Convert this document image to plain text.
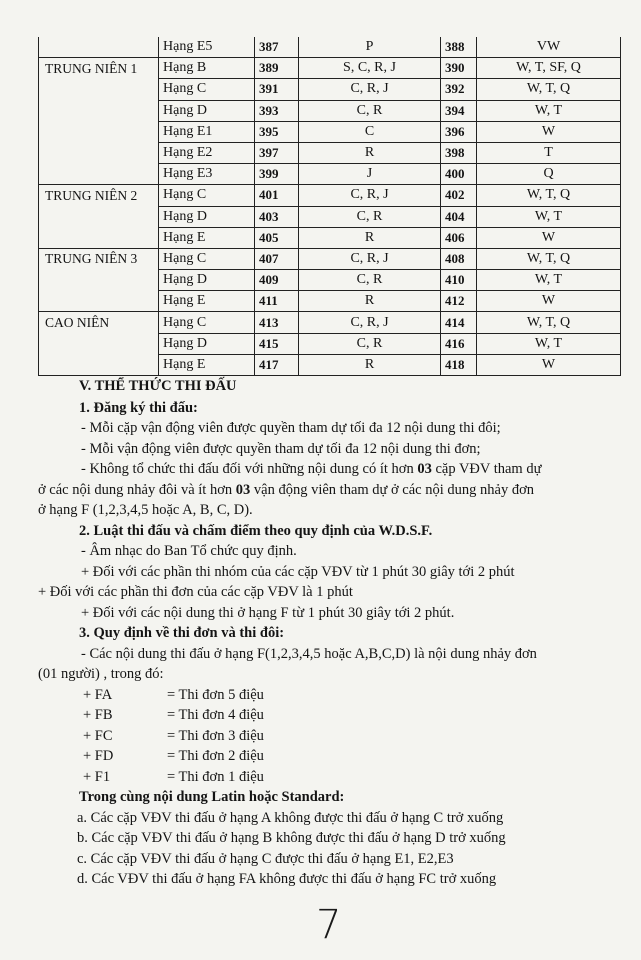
	Hạng E5	387	P	388	VW
TRUNG NIÊN 1	Hạng B	389	S, C, R, J	390	W, T, SF, Q
	Hạng C	391	C, R, J	392	W, T, Q
	Hạng D	393	C, R	394	W, T
	Hạng E1	395	C	396	W
	Hạng E2	397	R	398	T
	Hạng E3	399	J	400	Q
TRUNG NIÊN 2	Hạng C	401	C, R, J	402	W, T, Q
	Hạng D	403	C, R	404	W, T
	Hạng E	405	R	406	W
TRUNG NIÊN 3	Hạng C	407	C, R, J	408	W, T, Q
	Hạng D	409	C, R	410	W, T
	Hạng E	411	R	412	W
CAO NIÊN	Hạng C	413	C, R, J	414	W, T, Q
	Hạng D	415	C, R	416	W, T
	Hạng E	417	R	418	W

V. THỂ THỨC THI ĐẤU

1. Đăng ký thi đấu:

- Mỗi cặp vận động viên được quyền tham dự tối đa 12 nội dung thi đôi;

- Mỗi vận động viên được quyền tham dự tối đa 12 nội dung thi đơn;

- Không tổ chức thi đấu đối với những nội dung có ít hơn 03 cặp VĐV tham dự

ở các nội dung nhảy đôi và ít hơn 03 vận động viên tham dự ở các nội dung nhảy đơn

ở hạng F (1,2,3,4,5 hoặc A, B, C, D).

2. Luật thi đấu và chấm điểm theo quy định của W.D.S.F.

- Âm nhạc do Ban Tổ chức quy định.

+ Đối với các phần thi nhóm của các cặp VĐV từ 1 phút 30 giây tới 2 phút

+ Đối với các phần thi đơn của các cặp VĐV là 1 phút

+ Đối với các nội dung thi ở hạng F từ 1 phút 30 giây tới 2 phút.

3. Quy định về thi đơn và thi đôi:

- Các nội dung thi đấu ở hạng F(1,2,3,4,5 hoặc A,B,C,D) là nội dung nhảy đơn

(01 người) , trong đó:

+ FA	= Thi đơn 5 điệu
+ FB	= Thi đơn 4 điệu
+ FC	= Thi đơn 3 điệu
+ FD	= Thi đơn 2 điệu
+ F1	= Thi đơn 1 điệu

Trong cùng nội dung Latin hoặc Standard:

a. Các cặp VĐV thi đấu ở hạng A không được thi đấu ở hạng C trở xuống

b. Các cặp VĐV thi đấu ở hạng B không được thi đấu ở hạng D trở xuống

c. Các cặp VĐV thi đấu ở hạng C được thi đấu ở hạng E1, E2,E3

d. Các VĐV thi đấu ở hạng FA không được thi đấu ở hạng FC trở xuống

7
